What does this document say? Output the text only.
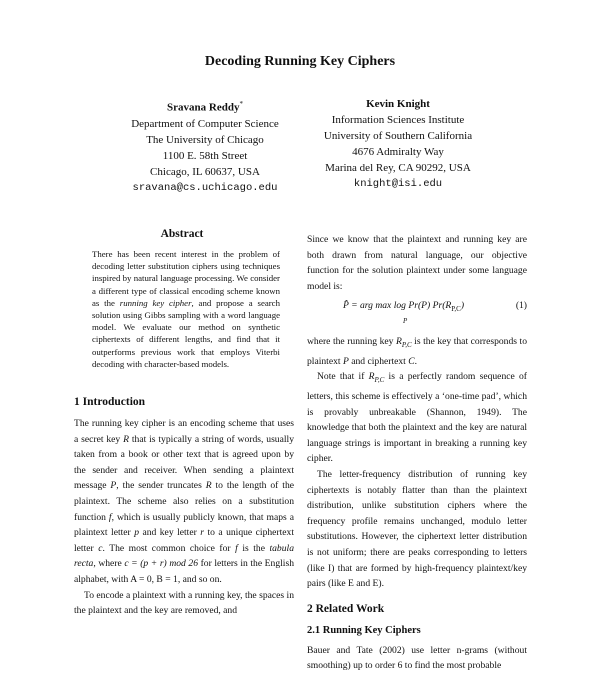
Decoding Running Key Ciphers
Sravana Reddy*
Department of Computer Science
The University of Chicago
1100 E. 58th Street
Chicago, IL 60637, USA
sravana@cs.uchicago.edu
Kevin Knight
Information Sciences Institute
University of Southern California
4676 Admiralty Way
Marina del Rey, CA 90292, USA
knight@isi.edu
Abstract
There has been recent interest in the problem of decoding letter substitution ciphers using techniques inspired by natural language processing. We consider a different type of classical encoding scheme known as the running key cipher, and propose a search solution using Gibbs sampling with a word language model. We evaluate our method on synthetic ciphertexts of different lengths, and find that it outperforms previous work that employs Viterbi decoding with character-based models.
1 Introduction

The running key cipher is an encoding scheme that uses a secret key R that is typically a string of words, usually taken from a book or other text that is agreed upon by the sender and receiver. When sending a plaintext message P, the sender truncates R to the length of the plaintext. The scheme also relies on a substitution function f, which is usually publicly known, that maps a plaintext letter p and key letter r to a unique ciphertext letter c. The most common choice for f is the tabula recta, where c = (p + r) mod 26 for letters in the English alphabet, with A = 0, B = 1, and so on.

To encode a plaintext with a running key, the spaces in the plaintext and the key are removed, and

Since we know that the plaintext and running key are both drawn from natural language, our objective function for the solution plaintext under some language model is:

P̂ = arg max log Pr(P) $Pr(R_{P,C})$
P
(1)

where the running key $R_{P,C}$ is the key that corresponds to plaintext P and ciphertext C.

Note that if $R_{P,C}$ is a perfectly random sequence of letters, this scheme is effectively a ‘one-time pad’, which is provably unbreakable (Shannon, 1949). The knowledge that both the plaintext and the key are natural language strings is important in breaking a running key cipher.

The letter-frequency distribution of running key ciphertexts is notably flatter than than the plaintext distribution, unlike substitution ciphers where the frequency profile remains unchanged, modulo letter substitutions. However, the ciphertext letter distribution is not uniform; there are peaks corresponding to letters (like I) that are formed by high-frequency plaintext/key pairs (like E and E).

2 Related Work
2.1 Running Key Ciphers

Bauer and Tate (2002) use letter n-grams (without smoothing) up to order 6 to find the most probable
